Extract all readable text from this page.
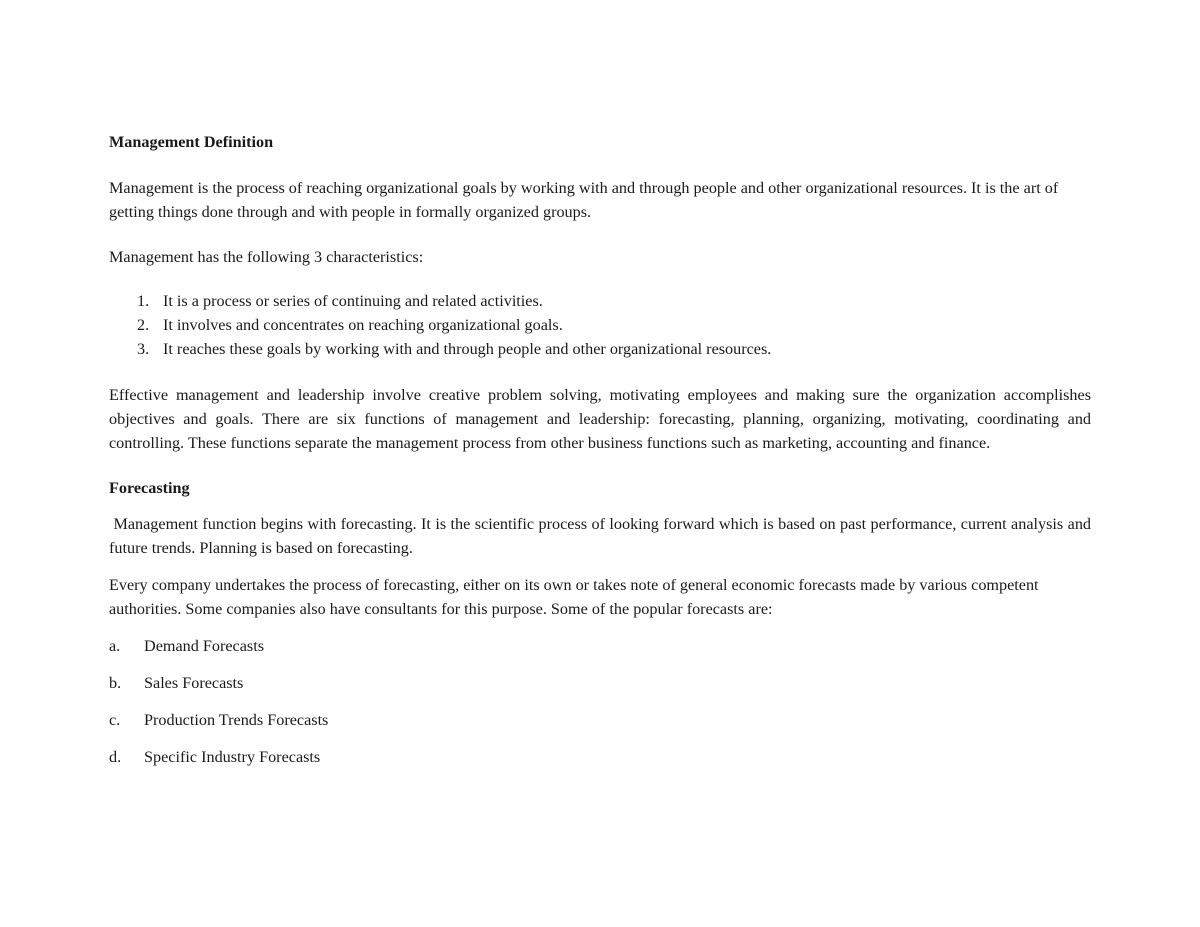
Management Definition

Management is the process of reaching organizational goals by working with and through people and other organizational resources. It is the art of getting things done through and with people in formally organized groups.

Management has the following 3 characteristics:

1. It is a process or series of continuing and related activities.
2. It involves and concentrates on reaching organizational goals.
3. It reaches these goals by working with and through people and other organizational resources.

Effective management and leadership involve creative problem solving, motivating employees and making sure the organization accomplishes objectives and goals. There are six functions of management and leadership: forecasting, planning, organizing, motivating, coordinating and controlling. These functions separate the management process from other business functions such as marketing, accounting and finance.

Forecasting

Management function begins with forecasting. It is the scientific process of looking forward which is based on past performance, current analysis and future trends. Planning is based on forecasting.

Every company undertakes the process of forecasting, either on its own or takes note of general economic forecasts made by various competent authorities. Some companies also have consultants for this purpose. Some of the popular forecasts are:

a. Demand Forecasts
b. Sales Forecasts
c. Production Trends Forecasts
d. Specific Industry Forecasts
